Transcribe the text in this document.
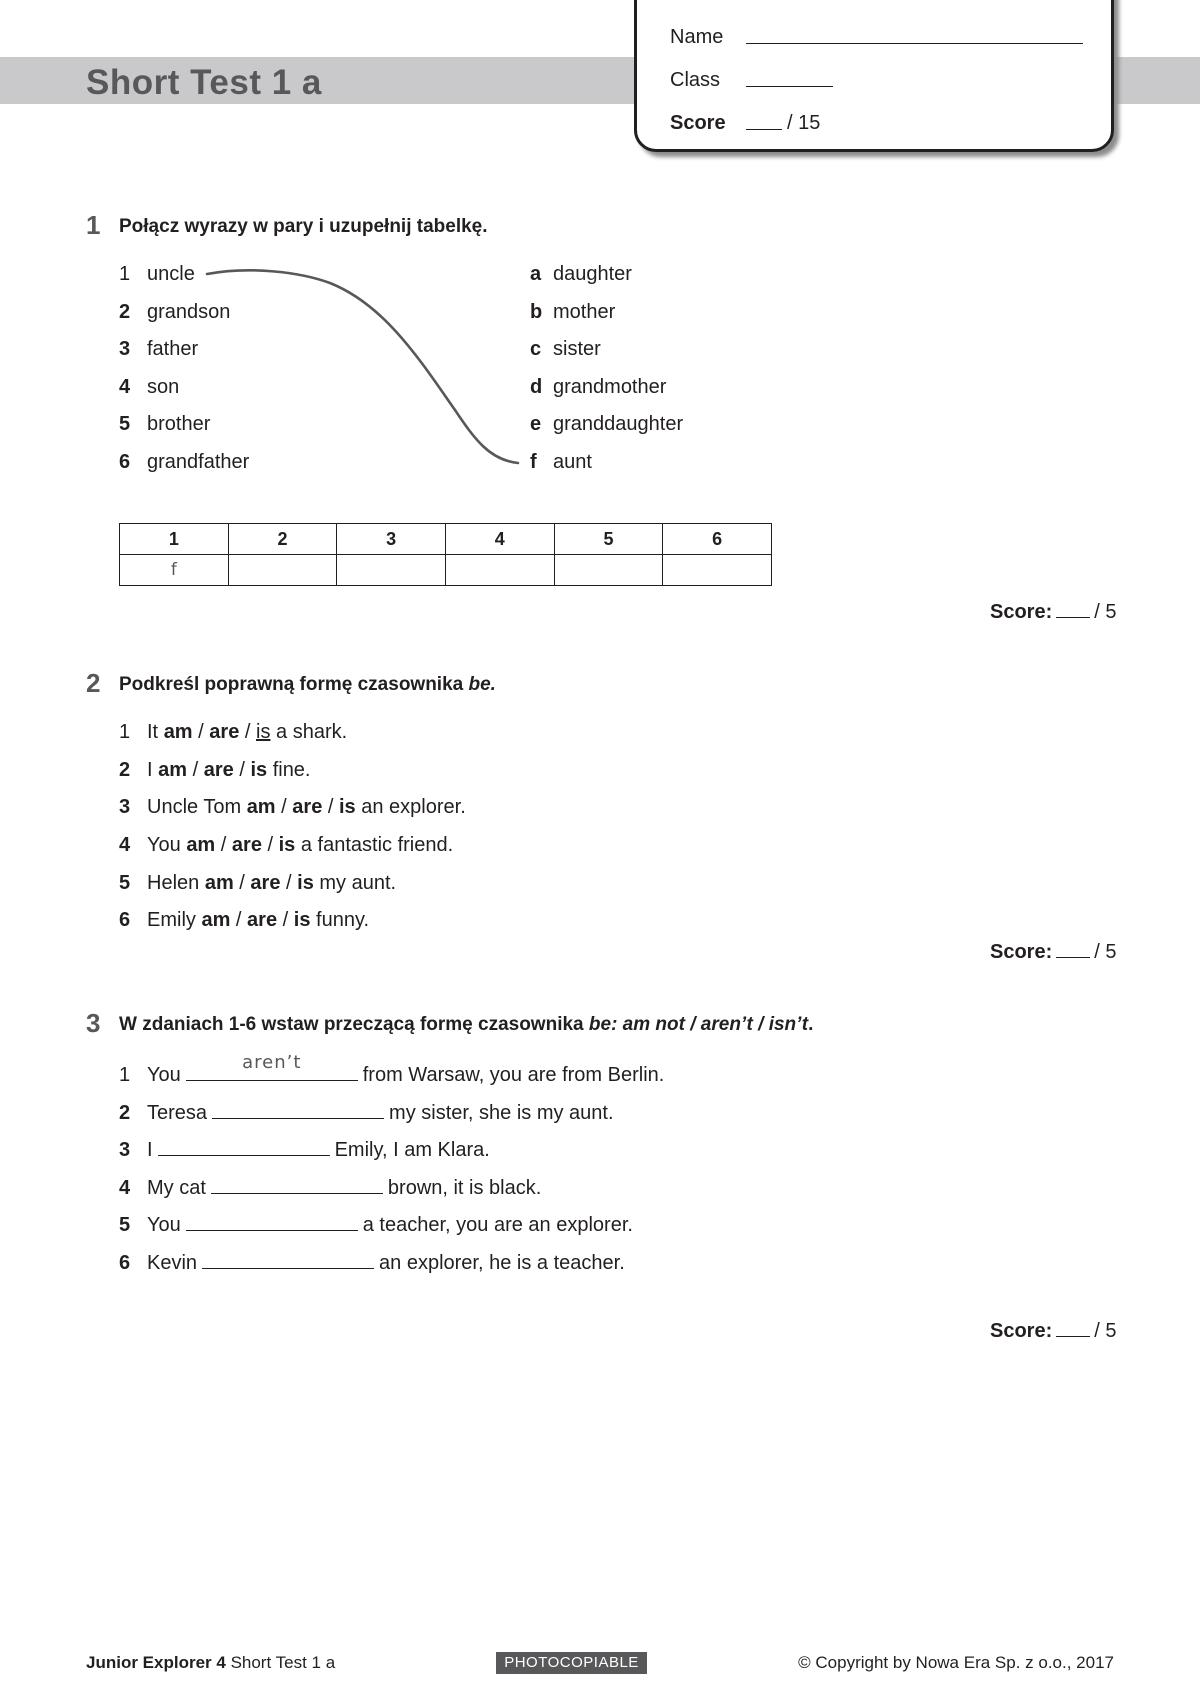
Short Test 1 a
Name
Class
Score	/ 15
1 Połącz wyrazy w pary i uzupełnij tabelkę.
1 uncle
2 grandson
3 father
4 son
5 brother
6 grandfather
a daughter
b mother
c sister
d grandmother
e granddaughter
f aunt
1	2	3	4	5	6
f					
Score: / 5
2 Podkreśl poprawną formę czasownika be.
1 It am / are / is a shark.
2 I am / are / is fine.
3 Uncle Tom am / are / is an explorer.
4 You am / are / is a fantastic friend.
5 Helen am / are / is my aunt.
6 Emily am / are / is funny.
Score: / 5
3 W zdaniach 1-6 wstaw przeczącą formę czasownika be: am not / aren’t / isn’t.
1 You
aren’t
from Warsaw, you are from Berlin.
2 Teresa	my sister, she is my aunt.
3 I	Emily, I am Klara.
4 My cat	brown, it is black.
5 You	a teacher, you are an explorer.
6 Kevin	an explorer, he is a teacher.
Score: / 5
Junior Explorer 4 Short Test 1 a	PHOTOCOPIABLE	© Copyright by Nowa Era Sp. z o.o., 2017
